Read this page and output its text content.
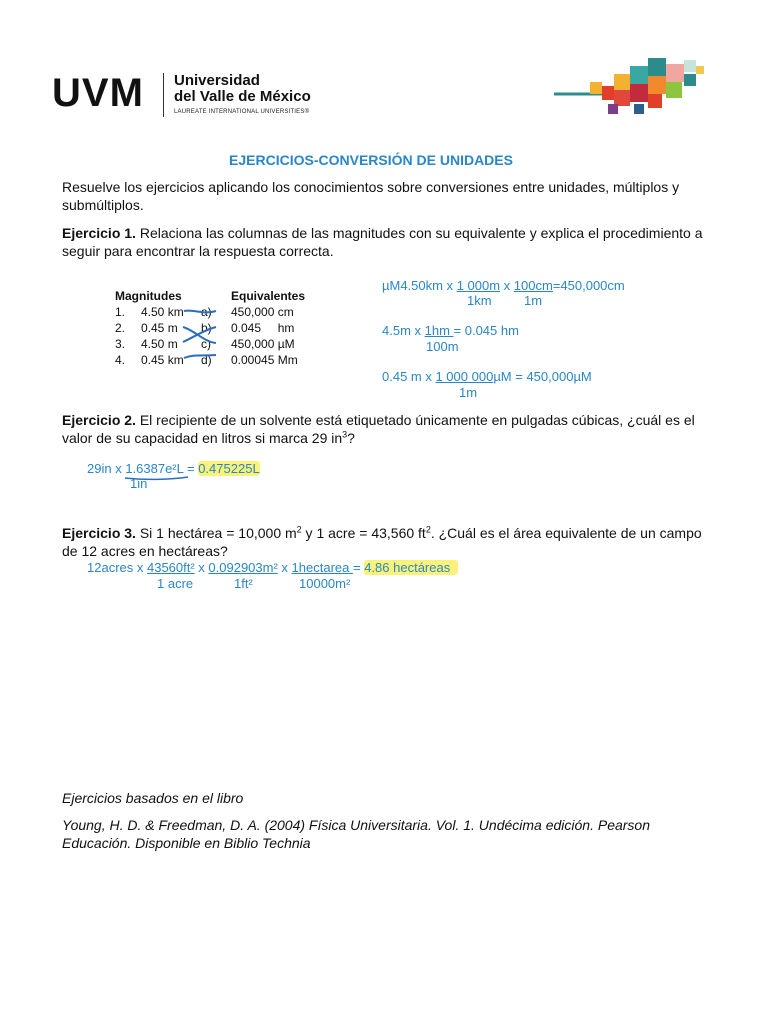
UVM Universidad
del Valle de México
LAUREATE INTERNATIONAL UNIVERSITIES®
EJERCICIOS-CONVERSIÓN DE UNIDADES
Resuelve los ejercicios aplicando los conocimientos sobre conversiones entre unidades, múltiplos y
submúltiplos.
Ejercicio 1. Relaciona las columnas de las magnitudes con su equivalente y explica el procedimiento a
seguir para encontrar la respuesta correcta.
Magnitudes			Equivalentes
1.	4.50 km	a)	450,000 cm
2.	0.45 m	b)	0.045     hm
3.	4.50 m	c)	450,000 µM
4.	0.45 km	d)	0.00045 Mm
µM4.50km x 1 000m x 100cm=450,000cm
1km 1m
4.5m x 1hm = 0.045 hm
100m
0.45 m x 1 000 000µM = 450,000µM
1m
Ejercicio 2. El recipiente de un solvente está etiquetado únicamente en pulgadas cúbicas, ¿cuál es el
valor de su capacidad en litros si marca 29 $in^3$?
29in x 1.6387e²L = 0.475225L
1in
Ejercicio 3. Si 1 hectárea = 10,000 $m^2$ y 1 acre = 43,560 $ft^2$. ¿Cuál es el área equivalente de un campo
de 12 acres en hectáreas?
12acres x 43560ft² x 0.092903m² x 1hectarea = 4.86 hectáreas
1 acre	1ft²	10000m²
Ejercicios basados en el libro
Young, H. D. & Freedman, D. A. (2004) Física Universitaria. Vol. 1. Undécima edición. Pearson
Educación. Disponible en Biblio Technia
